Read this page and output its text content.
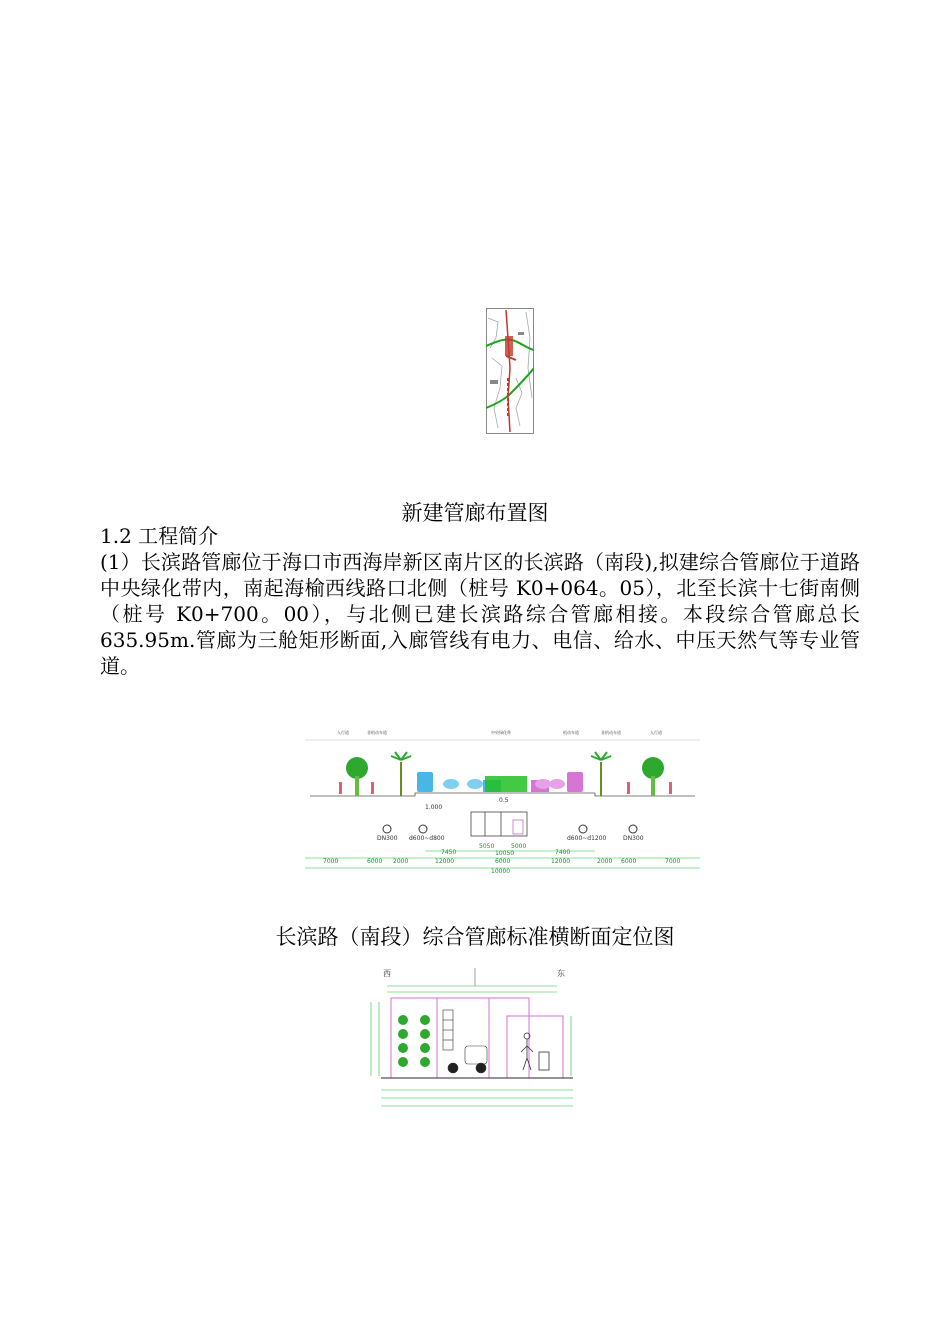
新建管廊布置图
1.2 工程简介

(1）长滨路管廊位于海口市西海岸新区南片区的长滨路（南段),拟建综合管廊位于道路中央绿化带内，南起海榆西线路口北侧（桩号 K0+064。05），北至长滨十七街南侧（桩号 K0+700。00），与北侧已建长滨路综合管廊相接。本段综合管廊总长 635.95m.管廊为三舱矩形断面,入廊管线有电力、电信、给水、中压天然气等专业管道。

人行道	非机动车道	中央绿化带	机动车道	非机动车道	人行道
1.000
0.5
DN300 d600~d800	d600~d1200	DN300
7450
5050	5000
7400
10050
7000	6000 2000	12000	6000	12000	2000 6000	7000
10000
长滨路（南段）综合管廊标准横断面定位图
西	东
